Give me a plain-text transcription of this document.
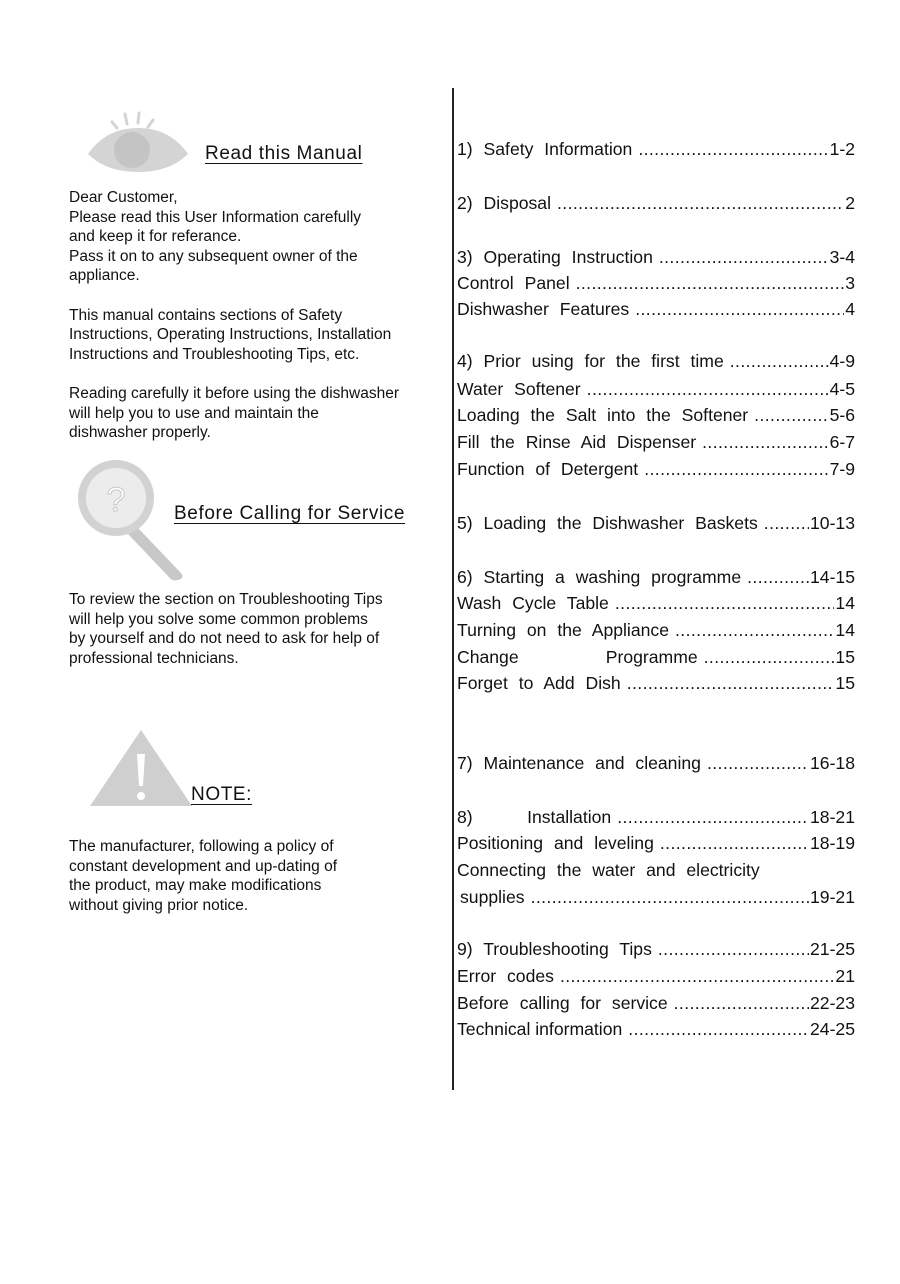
Read this Manual
Dear Customer,
Please read this User Information carefully
and keep it for referance.
Pass it on to any subsequent owner of the
appliance.
This manual contains sections of Safety
Instructions, Operating Instructions, Installation
Instructions and Troubleshooting Tips, etc.
Reading carefully it before using the dishwasher
will help you to use and maintain the
dishwasher properly.
?	Before Calling for Service
To review the section on Troubleshooting Tips
will help you solve some common problems
by yourself and do not need to ask for help of
professional technicians.
NOTE:
The manufacturer, following a policy of
constant development and up-dating of
the product, may make modifications
without giving prior notice.
1) Safety Information .....	1-2
2) Disposal .....	2
3) Operating Instruction .....	3-4
Control Panel .....	3
Dishwasher Features .....	4
4) Prior using for the first time .....	4-9
Water Softener .....	4-5
Loading the Salt into the Softener .....	5-6
Fill the Rinse Aid Dispenser .....	6-7
Function of Detergent .....	7-9
5) Loading the Dishwasher Baskets .....	10-13
6) Starting a washing programme .....	14-15
Wash Cycle Table .....	14
Turning on the Appliance .....	14
Change        Programme .....	15
Forget to Add Dish .....	15
7) Maintenance and cleaning .....	16-18
8)     Installation .....	18-21
Positioning and leveling .....	18-19
Connecting the water and electricity
supplies .....	19-21
9) Troubleshooting Tips .....	21-25
Error codes .....	21
Before calling for service .....	22-23
Technical information .....	24-25
